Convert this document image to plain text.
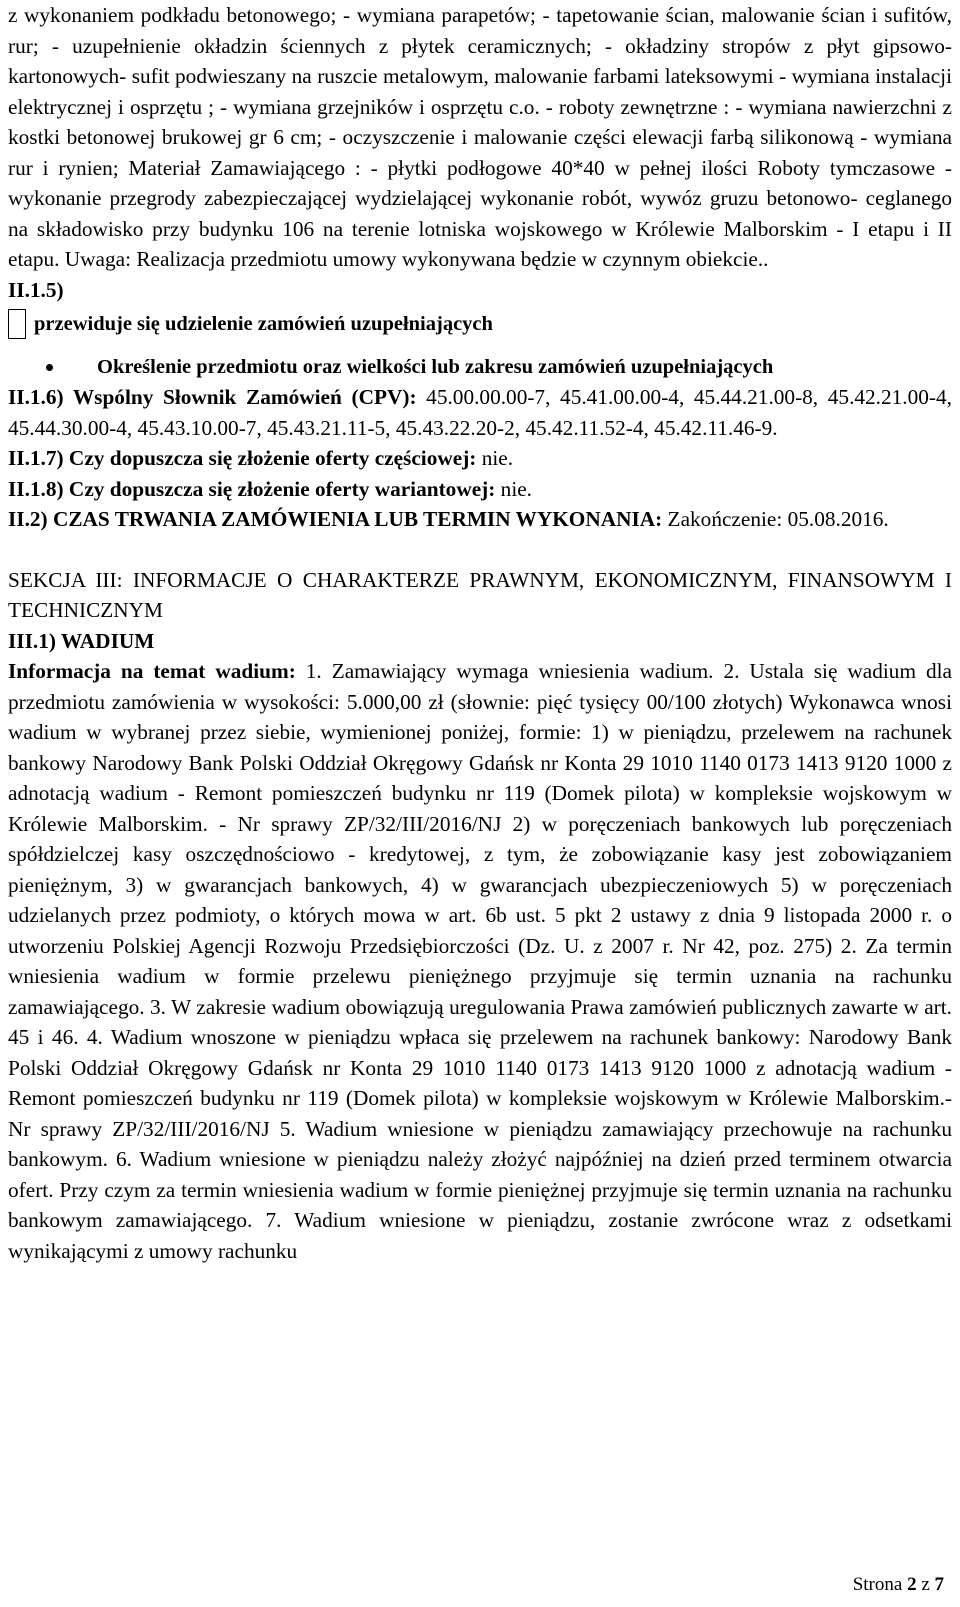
z wykonaniem podkładu betonowego; - wymiana parapetów; - tapetowanie ścian, malowanie ścian i sufitów, rur; - uzupełnienie okładzin ściennych z płytek ceramicznych; - okładziny stropów z płyt gipsowo- kartonowych- sufit podwieszany na ruszcie metalowym, malowanie farbami lateksowymi - wymiana instalacji elektrycznej i osprzętu ; - wymiana grzejników i osprzętu c.o. - roboty zewnętrzne : - wymiana nawierzchni z kostki betonowej brukowej gr 6 cm; - oczyszczenie i malowanie części elewacji farbą silikonową - wymiana rur i rynien; Materiał Zamawiającego : - płytki podłogowe 40*40 w pełnej ilości Roboty tymczasowe - wykonanie przegrody zabezpieczającej wydzielającej wykonanie robót, wywóz gruzu betonowo- ceglanego na składowisko przy budynku 106 na terenie lotniska wojskowego w Królewie Malborskim - I etapu i II etapu. Uwaga: Realizacja przedmiotu umowy wykonywana będzie w czynnym obiekcie..

II.1.5)

przewiduje się udzielenie zamówień uzupełniających
Określenie przedmiotu oraz wielkości lub zakresu zamówień uzupełniających

II.1.6) Wspólny Słownik Zamówień (CPV): 45.00.00.00-7, 45.41.00.00-4, 45.44.21.00-8, 45.42.21.00-4, 45.44.30.00-4, 45.43.10.00-7, 45.43.21.11-5, 45.43.22.20-2, 45.42.11.52-4, 45.42.11.46-9.

II.1.7) Czy dopuszcza się złożenie oferty częściowej: nie.

II.1.8) Czy dopuszcza się złożenie oferty wariantowej: nie.

II.2) CZAS TRWANIA ZAMÓWIENIA LUB TERMIN WYKONANIA: Zakończenie: 05.08.2016.

SEKCJA III: INFORMACJE O CHARAKTERZE PRAWNYM, EKONOMICZNYM, FINANSOWYM I TECHNICZNYM

III.1) WADIUM

Informacja na temat wadium: 1. Zamawiający wymaga wniesienia wadium. 2. Ustala się wadium dla przedmiotu zamówienia w wysokości: 5.000,00 zł (słownie: pięć tysięcy 00/100 złotych) Wykonawca wnosi wadium w wybranej przez siebie, wymienionej poniżej, formie: 1) w pieniądzu, przelewem na rachunek bankowy Narodowy Bank Polski Oddział Okręgowy Gdańsk nr Konta 29 1010 1140 0173 1413 9120 1000 z adnotacją wadium - Remont pomieszczeń budynku nr 119 (Domek pilota) w kompleksie wojskowym w Królewie Malborskim. - Nr sprawy ZP/32/III/2016/NJ 2) w poręczeniach bankowych lub poręczeniach spółdzielczej kasy oszczędnościowo - kredytowej, z tym, że zobowiązanie kasy jest zobowiązaniem pieniężnym, 3) w gwarancjach bankowych, 4) w gwarancjach ubezpieczeniowych 5) w poręczeniach udzielanych przez podmioty, o których mowa w art. 6b ust. 5 pkt 2 ustawy z dnia 9 listopada 2000 r. o utworzeniu Polskiej Agencji Rozwoju Przedsiębiorczości (Dz. U. z 2007 r. Nr 42, poz. 275) 2. Za termin wniesienia wadium w formie przelewu pieniężnego przyjmuje się termin uznania na rachunku zamawiającego. 3. W zakresie wadium obowiązują uregulowania Prawa zamówień publicznych zawarte w art. 45 i 46. 4. Wadium wnoszone w pieniądzu wpłaca się przelewem na rachunek bankowy: Narodowy Bank Polski Oddział Okręgowy Gdańsk nr Konta 29 1010 1140 0173 1413 9120 1000 z adnotacją wadium - Remont pomieszczeń budynku nr 119 (Domek pilota) w kompleksie wojskowym w Królewie Malborskim.- Nr sprawy ZP/32/III/2016/NJ 5. Wadium wniesione w pieniądzu zamawiający przechowuje na rachunku bankowym. 6. Wadium wniesione w pieniądzu należy złożyć najpóźniej na dzień przed terminem otwarcia ofert. Przy czym za termin wniesienia wadium w formie pieniężnej przyjmuje się termin uznania na rachunku bankowym zamawiającego. 7. Wadium wniesione w pieniądzu, zostanie zwrócone wraz z odsetkami wynikającymi z umowy rachunku

Strona 2 z 7
